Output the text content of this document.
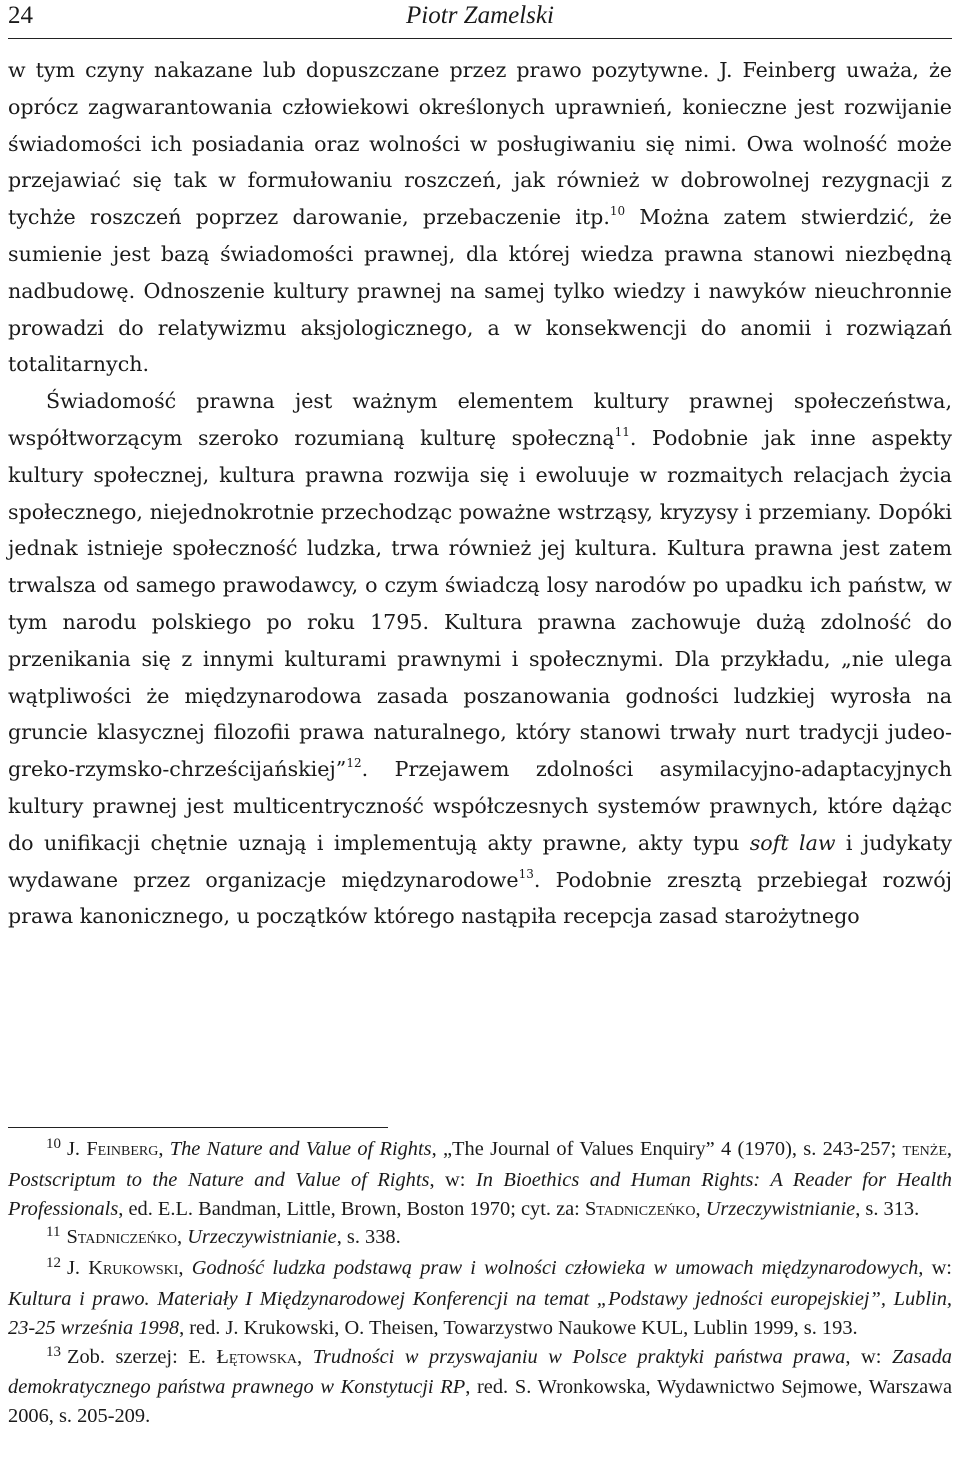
24	Piotr Zamelski

w tym czyny nakazane lub dopuszczane przez prawo pozytywne. J. Feinberg uważa, że oprócz zagwarantowania człowiekowi określonych uprawnień, konieczne jest rozwijanie świadomości ich posiadania oraz wolności w posługiwaniu się nimi. Owa wolność może przejawiać się tak w formułowaniu roszczeń, jak również w dobrowolnej rezygnacji z tychże roszczeń poprzez darowanie, przebaczenie itp.$^{10}$ Można zatem stwierdzić, że sumienie jest bazą świadomości prawnej, dla której wiedza prawna stanowi niezbędną nadbudowę. Odnoszenie kultury prawnej na samej tylko wiedzy i nawyków nieuchronnie prowadzi do relatywizmu aksjologicznego, a w konsekwencji do anomii i rozwiązań totalitarnych.

Świadomość prawna jest ważnym elementem kultury prawnej społeczeństwa, współtworzącym szeroko rozumianą kulturę społeczną$^{11}$. Podobnie jak inne aspekty kultury społecznej, kultura prawna rozwija się i ewoluuje w rozmaitych relacjach życia społecznego, niejednokrotnie przechodząc poważne wstrząsy, kryzysy i przemiany. Dopóki jednak istnieje społeczność ludzka, trwa również jej kultura. Kultura prawna jest zatem trwalsza od samego prawodawcy, o czym świadczą losy narodów po upadku ich państw, w tym narodu polskiego po roku 1795. Kultura prawna zachowuje dużą zdolność do przenikania się z innymi kulturami prawnymi i społecznymi. Dla przykładu, „nie ulega wątpliwości że międzynarodowa zasada poszanowania godności ludzkiej wyrosła na gruncie klasycznej filozofii prawa naturalnego, który stanowi trwały nurt tradycji judeo-greko-rzymsko-chrześcijańskiej”$^{12}$. Przejawem zdolności asymilacyjno-adaptacyjnych kultury prawnej jest multicentryczność współczesnych systemów prawnych, które dążąc do unifikacji chętnie uznają i implementują akty prawne, akty typu soft law i judykaty wydawane przez organizacje międzynarodowe$^{13}$. Podobnie zresztą przebiegał rozwój prawa kanonicznego, u początków którego nastąpiła recepcja zasad starożytnego

$^{10}$ J. Feinberg, The Nature and Value of Rights, „The Journal of Values Enquiry” 4 (1970), s. 243-257; tenże, Postscriptum to the Nature and Value of Rights, w: In Bioethics and Human Rights: A Reader for Health Professionals, ed. E.L. Bandman, Little, Brown, Boston 1970; cyt. za: Stadniczeńko, Urzeczywistnianie, s. 313.

$^{11}$ Stadniczeńko, Urzeczywistnianie, s. 338.

$^{12}$ J. Krukowski, Godność ludzka podstawą praw i wolności człowieka w umowach międzynarodowych, w: Kultura i prawo. Materiały I Międzynarodowej Konferencji na temat „Podstawy jedności europejskiej”, Lublin, 23-25 września 1998, red. J. Krukowski, O. Theisen, Towarzystwo Naukowe KUL, Lublin 1999, s. 193.

$^{13}$ Zob. szerzej: E. Łętowska, Trudności w przyswajaniu w Polsce praktyki państwa prawa, w: Zasada demokratycznego państwa prawnego w Konstytucji RP, red. S. Wronkowska, Wydawnictwo Sejmowe, Warszawa 2006, s. 205-209.
